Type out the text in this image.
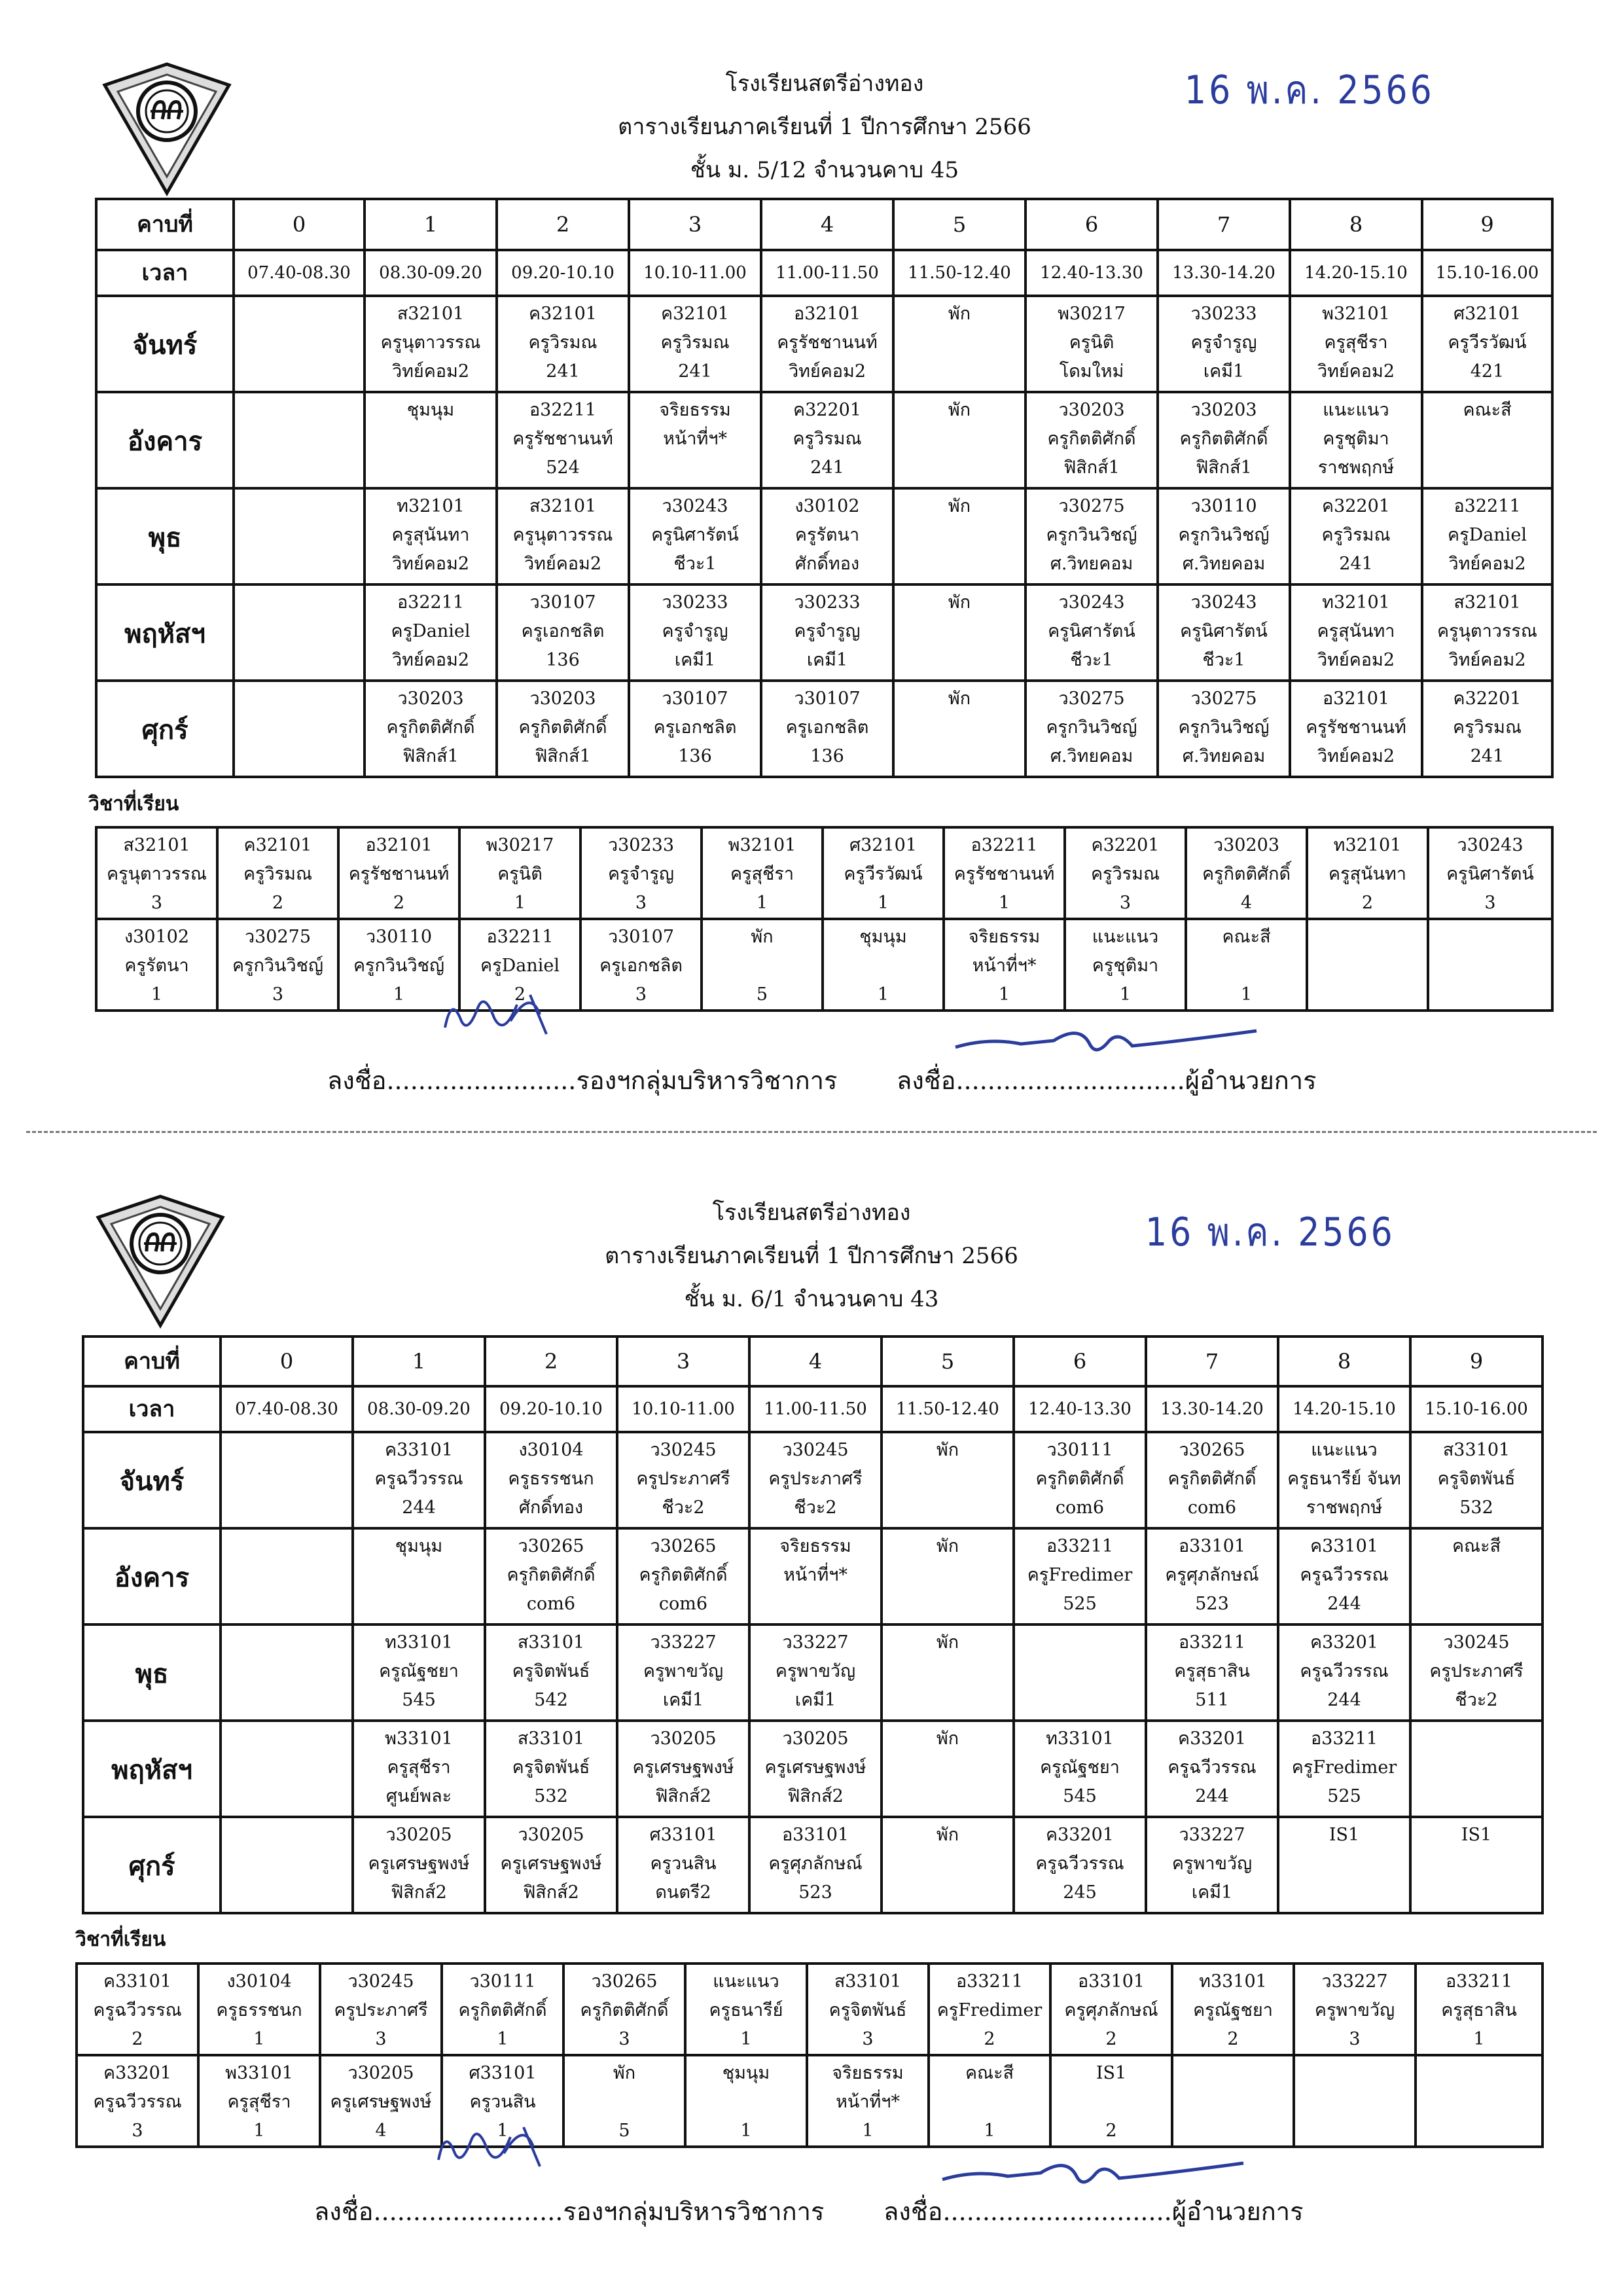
โรงเรียนสตรีอ่างทอง
ตารางเรียนภาคเรียนที่ 1 ปีการศึกษา 2566
ชั้น ม. 5/12 จำนวนคาบ 45
16 พ.ค. 2566
คาบที่	0	1	2	3	4	5	6	7	8	9
เวลา	07.40-08.30	08.30-09.20	09.20-10.10	10.10-11.00	11.00-11.50	11.50-12.40	12.40-13.30	13.30-14.20	14.20-15.10	15.10-16.00
จันทร์		ส32101
ครูนุตาวรรณ
วิทย์คอม2	ค32101
ครูวิรมณ
241	ค32101
ครูวิรมณ
241	อ32101
ครูรัชชานนท์
วิทย์คอม2	พัก	พ30217
ครูนิติ
โดมใหม่	ว30233
ครูจำรูญ
เคมี1	พ32101
ครูสุชีรา
วิทย์คอม2	ศ32101
ครูวีรวัฒน์
421

อังคาร		ชุมนุม	อ32211
ครูรัชชานนท์
524	จริยธรรม
หน้าที่ฯ*	ค32201
ครูวิรมณ
241	พัก	ว30203
ครูกิตติศักดิ์
ฟิสิกส์1	ว30203
ครูกิตติศักดิ์
ฟิสิกส์1	แนะแนว
ครูชุติมา
ราชพฤกษ์	คณะสี

พุธ		ท32101
ครูสุนันทา
วิทย์คอม2	ส32101
ครูนุตาวรรณ
วิทย์คอม2	ว30243
ครูนิศารัตน์
ชีวะ1	ง30102
ครูรัตนา
ศักดิ์ทอง	พัก	ว30275
ครูกวินวิชญ์
ศ.วิทยคอม	ว30110
ครูกวินวิชญ์
ศ.วิทยคอม	ค32201
ครูวิรมณ
241	อ32211
ครูDaniel
วิทย์คอม2

พฤหัสฯ		อ32211
ครูDaniel
วิทย์คอม2	ว30107
ครูเอกชลิต
136	ว30233
ครูจำรูญ
เคมี1	ว30233
ครูจำรูญ
เคมี1	พัก	ว30243
ครูนิศารัตน์
ชีวะ1	ว30243
ครูนิศารัตน์
ชีวะ1	ท32101
ครูสุนันทา
วิทย์คอม2	ส32101
ครูนุตาวรรณ
วิทย์คอม2

ศุกร์		ว30203
ครูกิตติศักดิ์
ฟิสิกส์1	ว30203
ครูกิตติศักดิ์
ฟิสิกส์1	ว30107
ครูเอกชลิต
136	ว30107
ครูเอกชลิต
136	พัก	ว30275
ครูกวินวิชญ์
ศ.วิทยคอม	ว30275
ครูกวินวิชญ์
ศ.วิทยคอม	อ32101
ครูรัชชานนท์
วิทย์คอม2	ค32201
ครูวิรมณ
241
วิชาที่เรียน
ส32101
ครูนุตาวรรณ
3	ค32101
ครูวิรมณ
2	อ32101
ครูรัชชานนท์
2	พ30217
ครูนิติ
1	ว30233
ครูจำรูญ
3	พ32101
ครูสุชีรา
1	ศ32101
ครูวีรวัฒน์
1	อ32211
ครูรัชชานนท์
1	ค32201
ครูวิรมณ
3	ว30203
ครูกิตติศักดิ์
4	ท32101
ครูสุนันทา
2	ว30243
ครูนิศารัตน์
3

ง30102
ครูรัตนา
1	ว30275
ครูกวินวิชญ์
3	ว30110
ครูกวินวิชญ์
1	อ32211
ครูDaniel
2	ว30107
ครูเอกชลิต
3	พัก
5	ชุมนุม
1	จริยธรรม
หน้าที่ฯ*
1	แนะแนว
ครูชุติมา
1	คณะสี
1		

ลงชื่อ........................รองฯกลุ่มบริหารวิชาการ ลงชื่อ.............................ผู้อำนวยการ
โรงเรียนสตรีอ่างทอง
ตารางเรียนภาคเรียนที่ 1 ปีการศึกษา 2566
ชั้น ม. 6/1 จำนวนคาบ 43
16 พ.ค. 2566
คาบที่	0	1	2	3	4	5	6	7	8	9
เวลา	07.40-08.30	08.30-09.20	09.20-10.10	10.10-11.00	11.00-11.50	11.50-12.40	12.40-13.30	13.30-14.20	14.20-15.10	15.10-16.00
จันทร์		ค33101
ครูฉวีวรรณ
244	ง30104
ครูธรรชนก
ศักดิ์ทอง	ว30245
ครูประภาศรี
ชีวะ2	ว30245
ครูประภาศรี
ชีวะ2	พัก	ว30111
ครูกิตติศักดิ์
com6	ว30265
ครูกิตติศักดิ์
com6	แนะแนว
ครูธนารีย์ จันท
ราชพฤกษ์	ส33101
ครูจิตพันธ์
532

อังคาร		ชุมนุม	ว30265
ครูกิตติศักดิ์
com6	ว30265
ครูกิตติศักดิ์
com6	จริยธรรม
หน้าที่ฯ*	พัก	อ33211
ครูFredimer
525	อ33101
ครูศุภลักษณ์
523	ค33101
ครูฉวีวรรณ
244	คณะสี

พุธ		ท33101
ครูณัฐชยา
545	ส33101
ครูจิตพันธ์
542	ว33227
ครูพาขวัญ
เคมี1	ว33227
ครูพาขวัญ
เคมี1	พัก		อ33211
ครูสุธาสิน
511	ค33201
ครูฉวีวรรณ
244	ว30245
ครูประภาศรี
ชีวะ2

พฤหัสฯ		พ33101
ครูสุชีรา
ศูนย์พละ	ส33101
ครูจิตพันธ์
532	ว30205
ครูเศรษฐพงษ์
ฟิสิกส์2	ว30205
ครูเศรษฐพงษ์
ฟิสิกส์2	พัก	ท33101
ครูณัฐชยา
545	ค33201
ครูฉวีวรรณ
244	อ33211
ครูFredimer
525	

ศุกร์		ว30205
ครูเศรษฐพงษ์
ฟิสิกส์2	ว30205
ครูเศรษฐพงษ์
ฟิสิกส์2	ศ33101
ครูวนสิน
ดนตรี2	อ33101
ครูศุภลักษณ์
523	พัก	ค33201
ครูฉวีวรรณ
245	ว33227
ครูพาขวัญ
เคมี1	IS1	IS1
วิชาที่เรียน
ค33101
ครูฉวีวรรณ
2	ง30104
ครูธรรชนก
1	ว30245
ครูประภาศรี
3	ว30111
ครูกิตติศักดิ์
1	ว30265
ครูกิตติศักดิ์
3	แนะแนว
ครูธนารีย์
1	ส33101
ครูจิตพันธ์
3	อ33211
ครูFredimer
2	อ33101
ครูศุภลักษณ์
2	ท33101
ครูณัฐชยา
2	ว33227
ครูพาขวัญ
3	อ33211
ครูสุธาสิน
1

ค33201
ครูฉวีวรรณ
3	พ33101
ครูสุชีรา
1	ว30205
ครูเศรษฐพงษ์
4	ศ33101
ครูวนสิน
1	พัก
5	ชุมนุม
1	จริยธรรม
หน้าที่ฯ*
1	คณะสี
1	IS1
2			

ลงชื่อ........................รองฯกลุ่มบริหารวิชาการ ลงชื่อ.............................ผู้อำนวยการ
